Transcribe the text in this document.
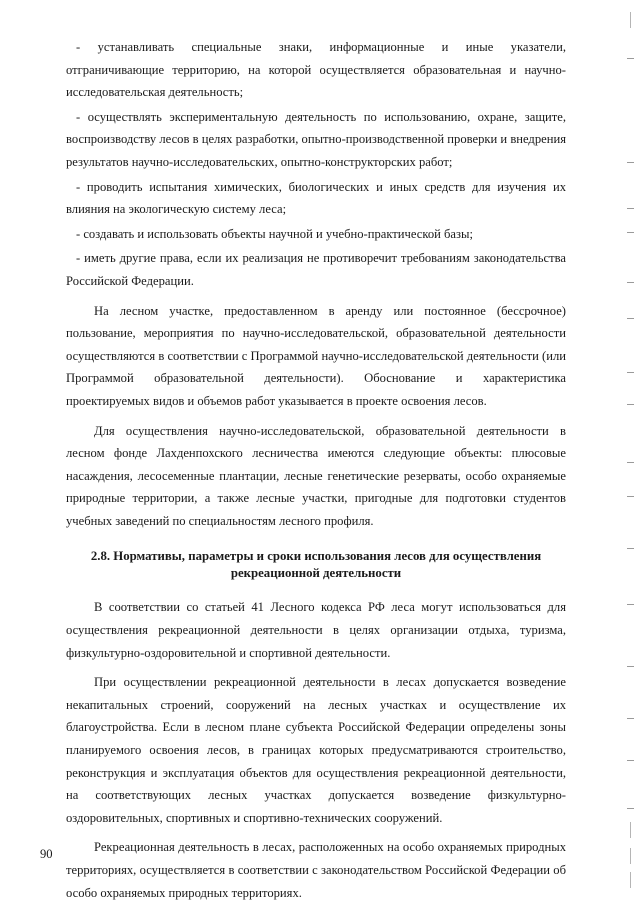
- устанавливать специальные знаки, информационные и иные указатели, отграничивающие территорию, на которой осуществляется образовательная и научно-исследовательская деятельность;

- осуществлять экспериментальную деятельность по использованию, охране, защите, воспроизводству лесов в целях разработки, опытно-производственной проверки и внедрения результатов научно-исследовательских, опытно-конструкторских работ;

- проводить испытания химических, биологических и иных средств для изучения их влияния на экологическую систему леса;

- создавать и использовать объекты научной и учебно-практической базы;

- иметь другие права, если их реализация не противоречит требованиям законодательства Российской Федерации.

На лесном участке, предоставленном в аренду или постоянное (бессрочное) пользование, мероприятия по научно-исследовательской, образовательной деятельности осуществляются в соответствии с Программой научно-исследовательской деятельности (или Программой образовательной деятельности). Обоснование и характеристика проектируемых видов и объемов работ указывается в проекте освоения лесов.

Для осуществления научно-исследовательской, образовательной деятельности в лесном фонде Лахденпохского лесничества имеются следующие объекты: плюсовые насаждения, лесосеменные плантации, лесные генетические резерваты, особо охраняемые природные территории, а также лесные участки, пригодные для подготовки студентов учебных заведений по специальностям лесного профиля.

2.8. Нормативы, параметры и сроки использования лесов для осуществления
рекреационной деятельности

В соответствии со статьей 41 Лесного кодекса РФ леса могут использоваться для осуществления рекреационной деятельности в целях организации отдыха, туризма, физкультурно-оздоровительной и спортивной деятельности.

При осуществлении рекреационной деятельности в лесах допускается возведение некапитальных строений, сооружений на лесных участках и осуществление их благоустройства. Если в лесном плане субъекта Российской Федерации определены зоны планируемого освоения лесов, в границах которых предусматриваются строительство, реконструкция и эксплуатация объектов для осуществления рекреационной деятельности, на соответствующих лесных участках допускается возведение физкультурно-оздоровительных, спортивных и спортивно-технических сооружений.

Рекреационная деятельность в лесах, расположенных на особо охраняемых природных территориях, осуществляется в соответствии с законодательством Российской Федерации об особо охраняемых природных территориях.

90
